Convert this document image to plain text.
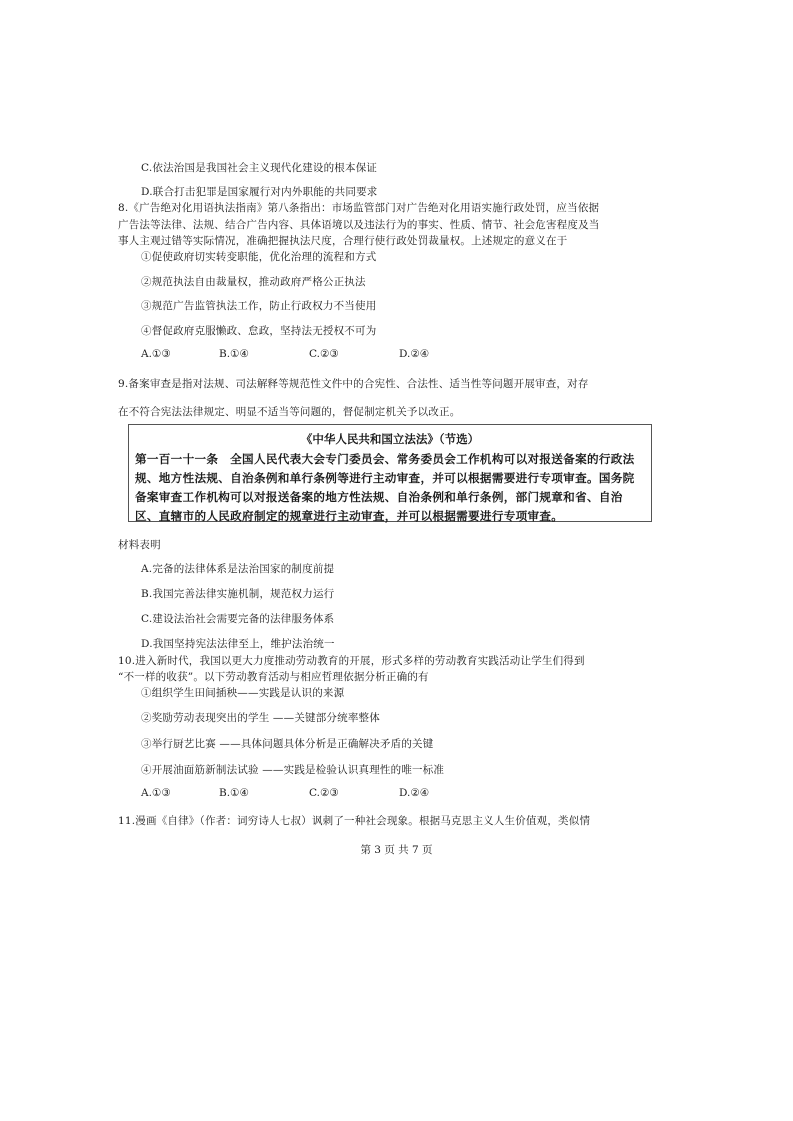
C.依法治国是我国社会主义现代化建设的根本保证
D.联合打击犯罪是国家履行对内外职能的共同要求
8.《广告绝对化用语执法指南》第八条指出：市场监管部门对广告绝对化用语实施行政处罚，应当依据
广告法等法律、法规、结合广告内容、具体语境以及违法行为的事实、性质、情节、社会危害程度及当
事人主观过错等实际情况，准确把握执法尺度，合理行使行政处罚裁量权。上述规定的意义在于
①促使政府切实转变职能，优化治理的流程和方式
②规范执法自由裁量权，推动政府严格公正执法
③规范广告监管执法工作，防止行政权力不当使用
④督促政府克服懒政、怠政，坚持法无授权不可为
A.①③	B.①④	C.②③	D.②④
9.备案审查是指对法规、司法解释等规范性文件中的合宪性、合法性、适当性等问题开展审查，对存
在不符合宪法法律规定、明显不适当等问题的，督促制定机关予以改正。
《中华人民共和国立法法》（节选）
第一百一十一条　全国人民代表大会专门委员会、常务委员会工作机构可以对报送备案的行政法规、地方性法规、自治条例和单行条例等进行主动审查，并可以根据需要进行专项审查。国务院备案审查工作机构可以对报送备案的地方性法规、自治条例和单行条例，部门规章和省、自治区、直辖市的人民政府制定的规章进行主动审查，并可以根据需要进行专项审查。
材料表明
A.完备的法律体系是法治国家的制度前提
B.我国完善法律实施机制，规范权力运行
C.建设法治社会需要完备的法律服务体系
D.我国坚持宪法法律至上，维护法治统一
10.进入新时代，我国以更大力度推动劳动教育的开展，形式多样的劳动教育实践活动让学生们得到
“不一样的收获”。以下劳动教育活动与相应哲理依据分析正确的有
①组织学生田间插秧——实践是认识的来源
②奖励劳动表现突出的学生 ——关键部分统率整体
③举行厨艺比赛 ——具体问题具体分析是正确解决矛盾的关键
④开展油面筋新制法试验 ——实践是检验认识真理性的唯一标准
A.①③	B.①④	C.②③	D.②④
11.漫画《自律》（作者：词穷诗人七叔）讽刺了一种社会现象。根据马克思主义人生价值观，类似情
第 3 页 共 7 页
